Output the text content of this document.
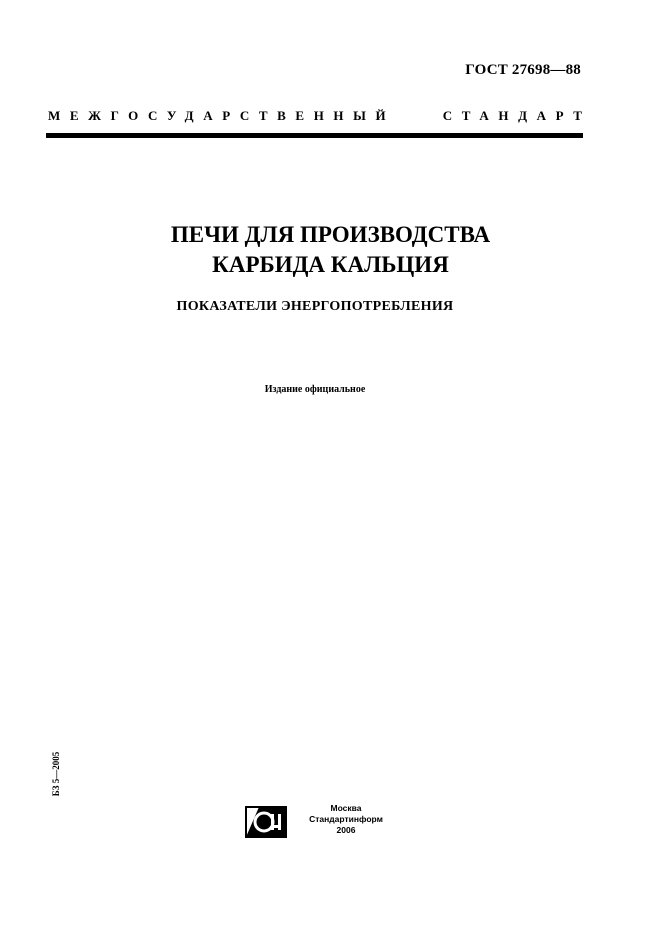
ГОСТ 27698—88
МЕЖГОСУДАРСТВЕННЫЙ	СТАНДАРТ
ПЕЧИ ДЛЯ ПРОИЗВОДСТВА
КАРБИДА КАЛЬЦИЯ
ПОКАЗАТЕЛИ ЭНЕРГОПОТРЕБЛЕНИЯ
Издание официальное
БЗ 5—2005
СИ
Москва
Стандартинформ
2006
